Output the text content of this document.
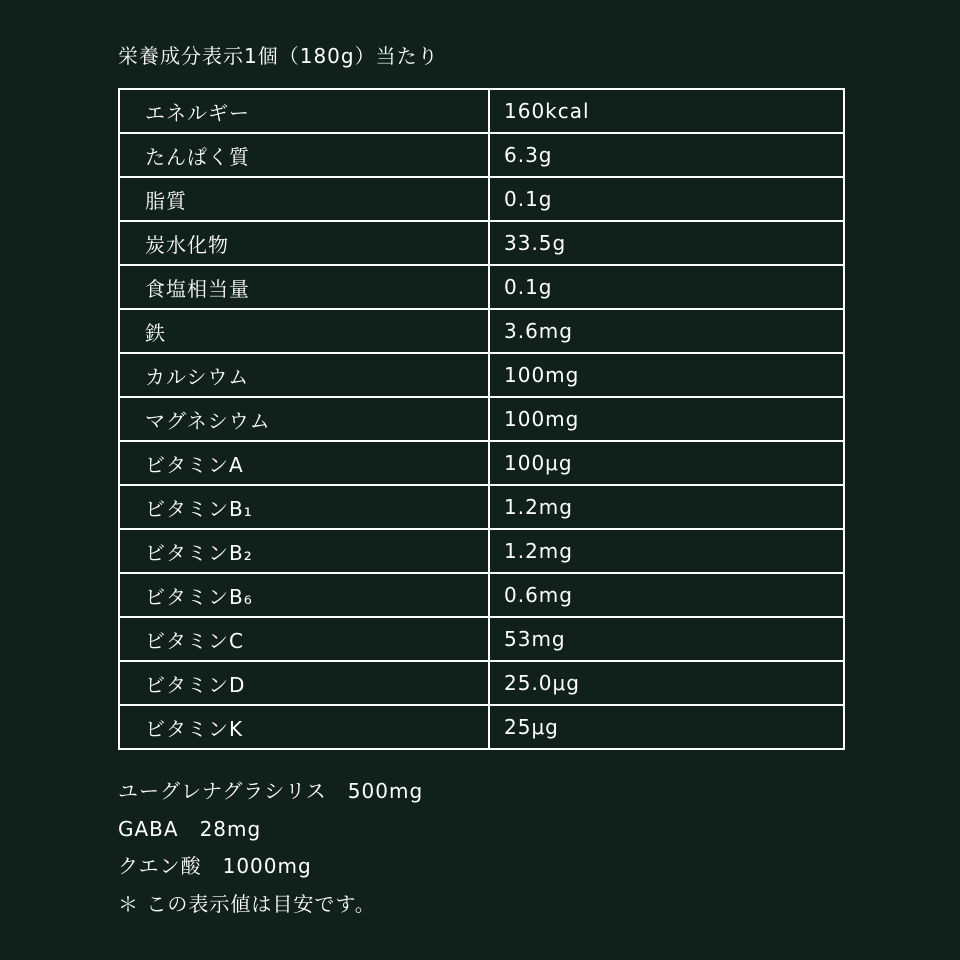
栄養成分表示1個（180g）当たり
エネルギー	160kcal
たんぱく質	6.3g
脂質	0.1g
炭水化物	33.5g
食塩相当量	0.1g
鉄	3.6mg
カルシウム	100mg
マグネシウム	100mg
ビタミンA	100μg
ビタミンB₁	1.2mg
ビタミンB₂	1.2mg
ビタミンB₆	0.6mg
ビタミンC	53mg
ビタミンD	25.0μg
ビタミンK	25μg
ユーグレナグラシリス　500mg
GABA　28mg
クエン酸　1000mg
＊ この表示値は目安です。
